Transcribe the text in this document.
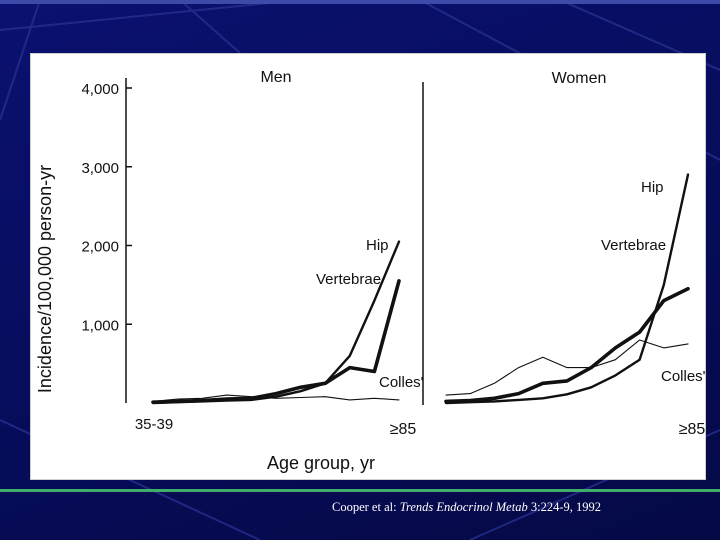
Incidence/100,000 person-yr
Age group, yr
Men	Women
4,000
3,000
2,000
1,000
35-39	≥85	≥85
Hip
Vertebrae
Colles'
Hip
Vertebrae
Colles'
Cooper et al: Trends Endocrinol Metab 3:224-9, 1992
